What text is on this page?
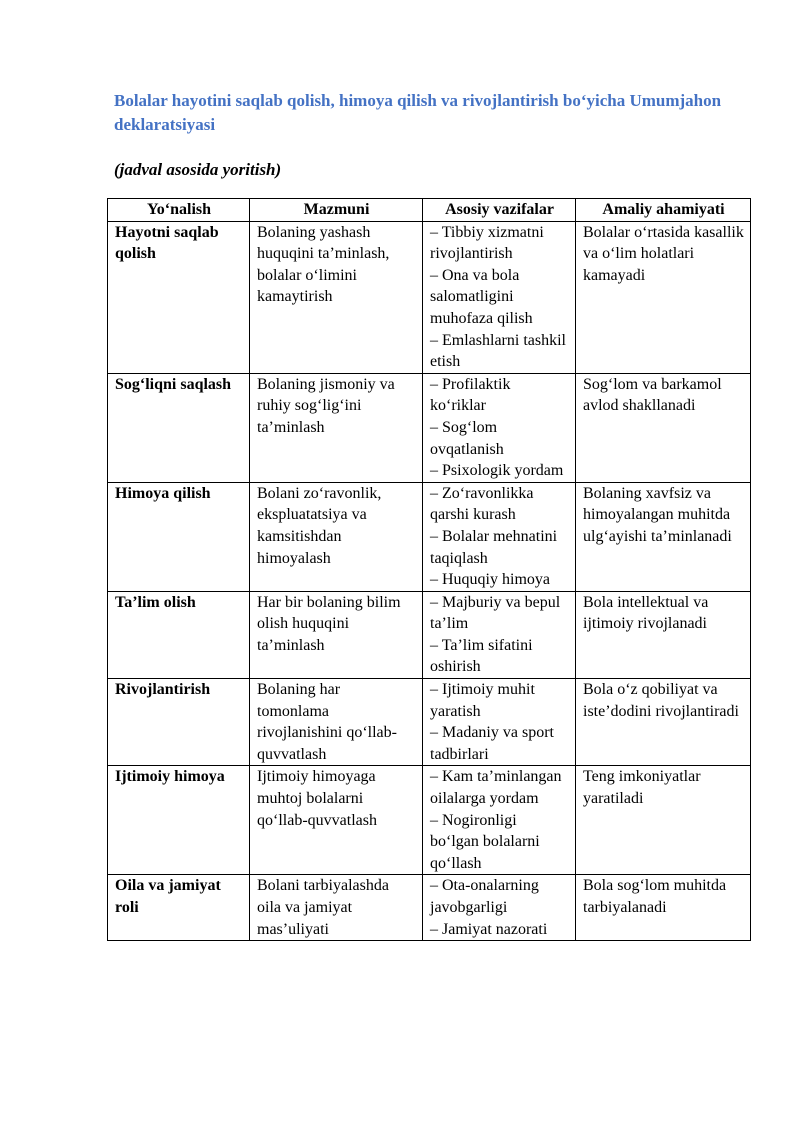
Bolalar hayotini saqlab qolish, himoya qilish va rivojlantirish bo‘yicha Umumjahon deklaratsiyasi

(jadval asosida yoritish)

Yo‘nalish	Mazmuni	Asosiy vazifalar	Amaliy ahamiyati

Hayotni saqlab qolish	Bolaning yashash huquqini ta’minlash, bolalar o‘limini kamaytirish	– Tibbiy xizmatni rivojlantirish
– Ona va bola salomatligini muhofaza qilish
– Emlashlarni tashkil etish	Bolalar o‘rtasida kasallik va o‘lim holatlari kamayadi

Sog‘liqni saqlash	Bolaning jismoniy va ruhiy sog‘lig‘ini ta’minlash	– Profilaktik ko‘riklar
– Sog‘lom ovqatlanish
– Psixologik yordam	Sog‘lom va barkamol avlod shakllanadi

Himoya qilish	Bolani zo‘ravonlik, ekspluatatsiya va kamsitishdan himoyalash	– Zo‘ravonlikka qarshi kurash
– Bolalar mehnatini taqiqlash
– Huquqiy himoya	Bolaning xavfsiz va himoyalangan muhitda ulg‘ayishi ta’minlanadi

Ta’lim olish	Har bir bolaning bilim olish huquqini ta’minlash	– Majburiy va bepul ta’lim
– Ta’lim sifatini oshirish	Bola intellektual va ijtimoiy rivojlanadi

Rivojlantirish	Bolaning har tomonlama rivojlanishini qo‘llab-quvvatlash	– Ijtimoiy muhit yaratish
– Madaniy va sport tadbirlari	Bola o‘z qobiliyat va iste’dodini rivojlantiradi

Ijtimoiy himoya	Ijtimoiy himoyaga muhtoj bolalarni qo‘llab-quvvatlash	– Kam ta’minlangan oilalarga yordam
– Nogironligi bo‘lgan bolalarni qo‘llash	Teng imkoniyatlar yaratiladi

Oila va jamiyat roli	Bolani tarbiyalashda oila va jamiyat mas’uliyati	– Ota-onalarning javobgarligi
– Jamiyat nazorati	Bola sog‘lom muhitda tarbiyalanadi
